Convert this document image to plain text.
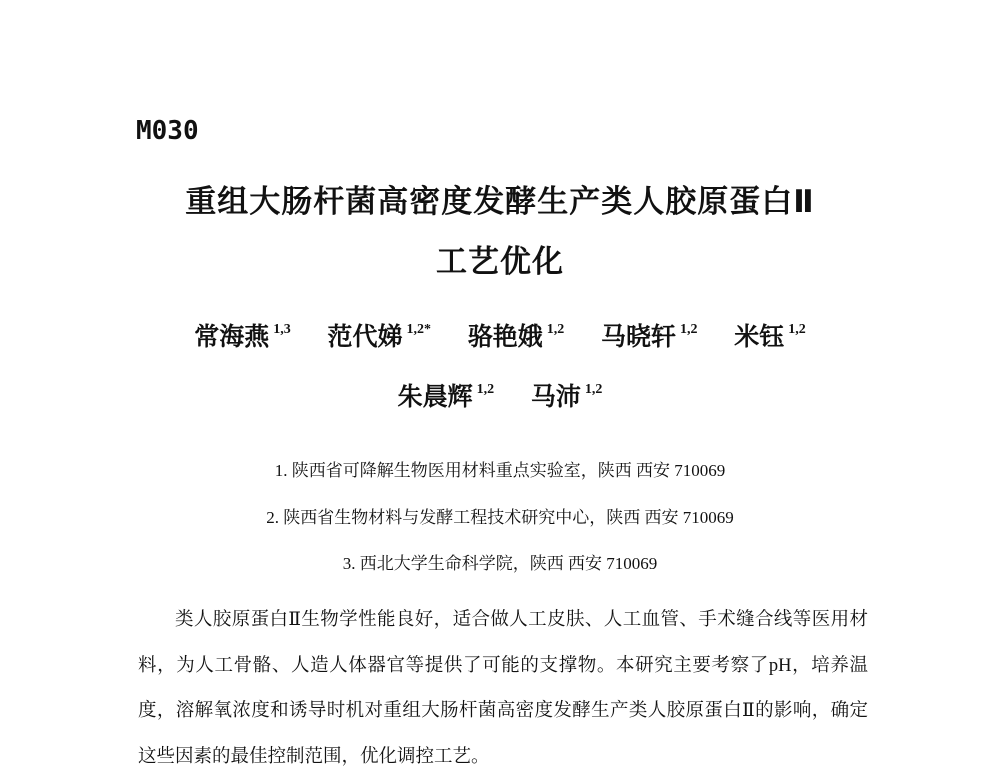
M030
重组大肠杆菌高密度发酵生产类人胶原蛋白Ⅱ
工艺优化
常海燕 $^{1,3}$ 范代娣 $^{1,2*}$ 骆艳娥 $^{1,2}$ 马晓轩 $^{1,2}$ 米钰 $^{1,2}$
朱晨辉 $^{1,2}$ 马沛 $^{1,2}$
1. 陕西省可降解生物医用材料重点实验室，陕西 西安 710069
2. 陕西省生物材料与发酵工程技术研究中心，陕西 西安 710069
3. 西北大学生命科学院，陕西 西安 710069

类人胶原蛋白Ⅱ生物学性能良好，适合做人工皮肤、人工血管、手术缝合线等医用材料，为人工骨骼、人造人体器官等提供了可能的支撑物。本研究主要考察了pH，培养温度，溶解氧浓度和诱导时机对重组大肠杆菌高密度发酵生产类人胶原蛋白Ⅱ的影响，确定这些因素的最佳控制范围，优化调控工艺。
